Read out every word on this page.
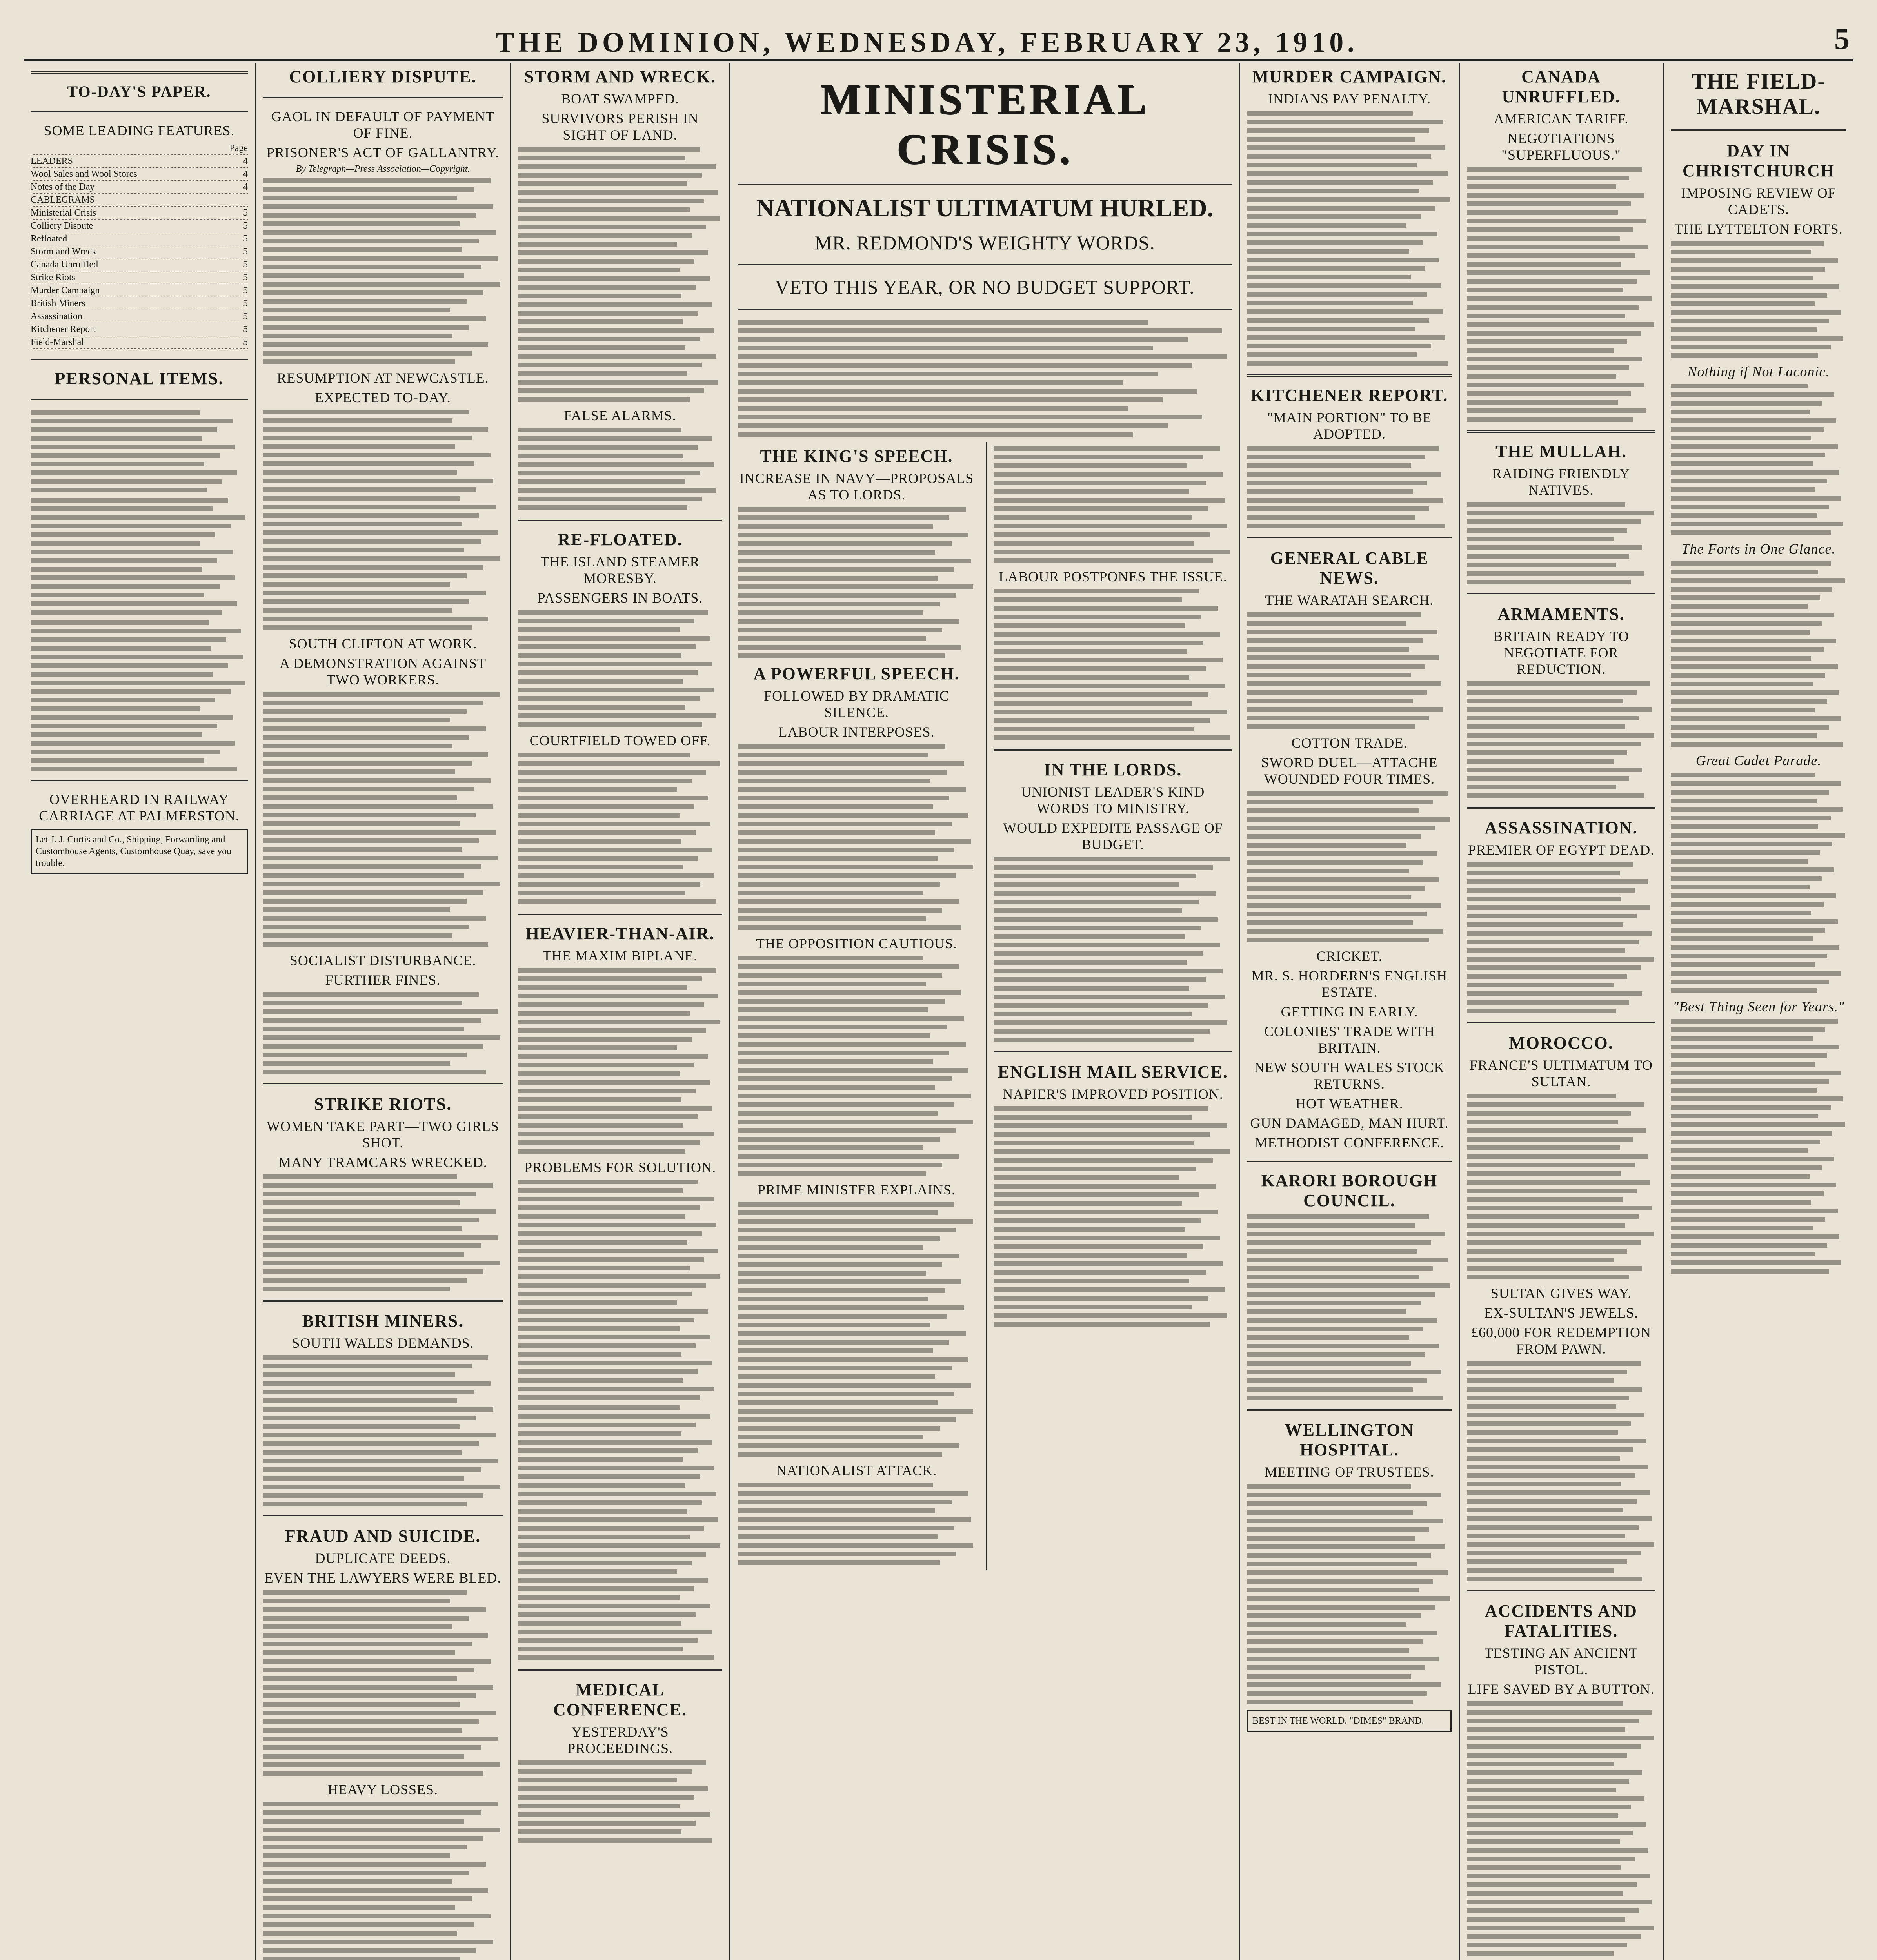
THE DOMINION, WEDNESDAY, FEBRUARY 23, 1910.	5
TO-DAY'S PAPER.
SOME LEADING FEATURES.
Page
LEADERS	4
Wool Sales and Wool Stores	4
Notes of the Day	4
CABLEGRAMS
Ministerial Crisis	5
Colliery Dispute	5
Refloated	5
Storm and Wreck	5
Canada Unruffled	5
Strike Riots	5
Murder Campaign	5
British Miners	5
Assassination	5
Kitchener Report	5
Field-Marshal	5
PERSONAL ITEMS.

OVERHEARD IN RAILWAY CARRIAGE AT PALMERSTON.
Let J. J. Curtis and Co., Shipping, Forwarding and Customhouse Agents, Customhouse Quay, save you trouble.
COLLIERY DISPUTE.
GAOL IN DEFAULT OF PAYMENT OF FINE.
PRISONER'S ACT OF GALLANTRY.
By Telegraph—Press Association—Copyright.

RESUMPTION AT NEWCASTLE.
EXPECTED TO-DAY.

SOUTH CLIFTON AT WORK.
A DEMONSTRATION AGAINST TWO WORKERS.

SOCIALIST DISTURBANCE.
FURTHER FINES.

STRIKE RIOTS.
WOMEN TAKE PART—TWO GIRLS SHOT.
MANY TRAMCARS WRECKED.

BRITISH MINERS.
SOUTH WALES DEMANDS.

FRAUD AND SUICIDE.
DUPLICATE DEEDS.
EVEN THE LAWYERS WERE BLED.

HEAVY LOSSES.

STORM AND WRECK.
BOAT SWAMPED.
SURVIVORS PERISH IN SIGHT OF LAND.

FALSE ALARMS.

RE-FLOATED.
THE ISLAND STEAMER MORESBY.
PASSENGERS IN BOATS.

COURTFIELD TOWED OFF.

HEAVIER-THAN-AIR.
THE MAXIM BIPLANE.

PROBLEMS FOR SOLUTION.

MEDICAL CONFERENCE.
YESTERDAY'S PROCEEDINGS.

MINISTERIAL CRISIS.
NATIONALIST ULTIMATUM HURLED.
MR. REDMOND'S WEIGHTY WORDS.
VETO THIS YEAR, OR NO BUDGET SUPPORT.

THE KING'S SPEECH.
INCREASE IN NAVY—PROPOSALS AS TO LORDS.

A POWERFUL SPEECH.
FOLLOWED BY DRAMATIC SILENCE.
LABOUR INTERPOSES.

THE OPPOSITION CAUTIOUS.

PRIME MINISTER EXPLAINS.

NATIONALIST ATTACK.

LABOUR POSTPONES THE ISSUE.

IN THE LORDS.
UNIONIST LEADER'S KIND WORDS TO MINISTRY.
WOULD EXPEDITE PASSAGE OF BUDGET.

ENGLISH MAIL SERVICE.
NAPIER'S IMPROVED POSITION.

MURDER CAMPAIGN.
INDIANS PAY PENALTY.

KITCHENER REPORT.
"MAIN PORTION" TO BE ADOPTED.

GENERAL CABLE NEWS.
THE WARATAH SEARCH.

COTTON TRADE.
SWORD DUEL—ATTACHE WOUNDED FOUR TIMES.

CRICKET.
MR. S. HORDERN'S ENGLISH ESTATE.
GETTING IN EARLY.
COLONIES' TRADE WITH BRITAIN.
NEW SOUTH WALES STOCK RETURNS.
HOT WEATHER.
GUN DAMAGED, MAN HURT.
METHODIST CONFERENCE.
KARORI BOROUGH COUNCIL.

WELLINGTON HOSPITAL.
MEETING OF TRUSTEES.

BEST IN THE WORLD. "DIMES" BRAND.
CANADA UNRUFFLED.
AMERICAN TARIFF.
NEGOTIATIONS "SUPERFLUOUS."

THE MULLAH.
RAIDING FRIENDLY NATIVES.

ARMAMENTS.
BRITAIN READY TO NEGOTIATE FOR REDUCTION.

ASSASSINATION.
PREMIER OF EGYPT DEAD.

MOROCCO.
FRANCE'S ULTIMATUM TO SULTAN.

SULTAN GIVES WAY.
EX-SULTAN'S JEWELS.
£60,000 FOR REDEMPTION FROM PAWN.

ACCIDENTS AND FATALITIES.
TESTING AN ANCIENT PISTOL.
LIFE SAVED BY A BUTTON.

THE FIELD-MARSHAL.
DAY IN CHRISTCHURCH
IMPOSING REVIEW OF CADETS.
THE LYTTELTON FORTS.

Nothing if Not Laconic.

The Forts in One Glance.

Great Cadet Parade.

"Best Thing Seen for Years."
